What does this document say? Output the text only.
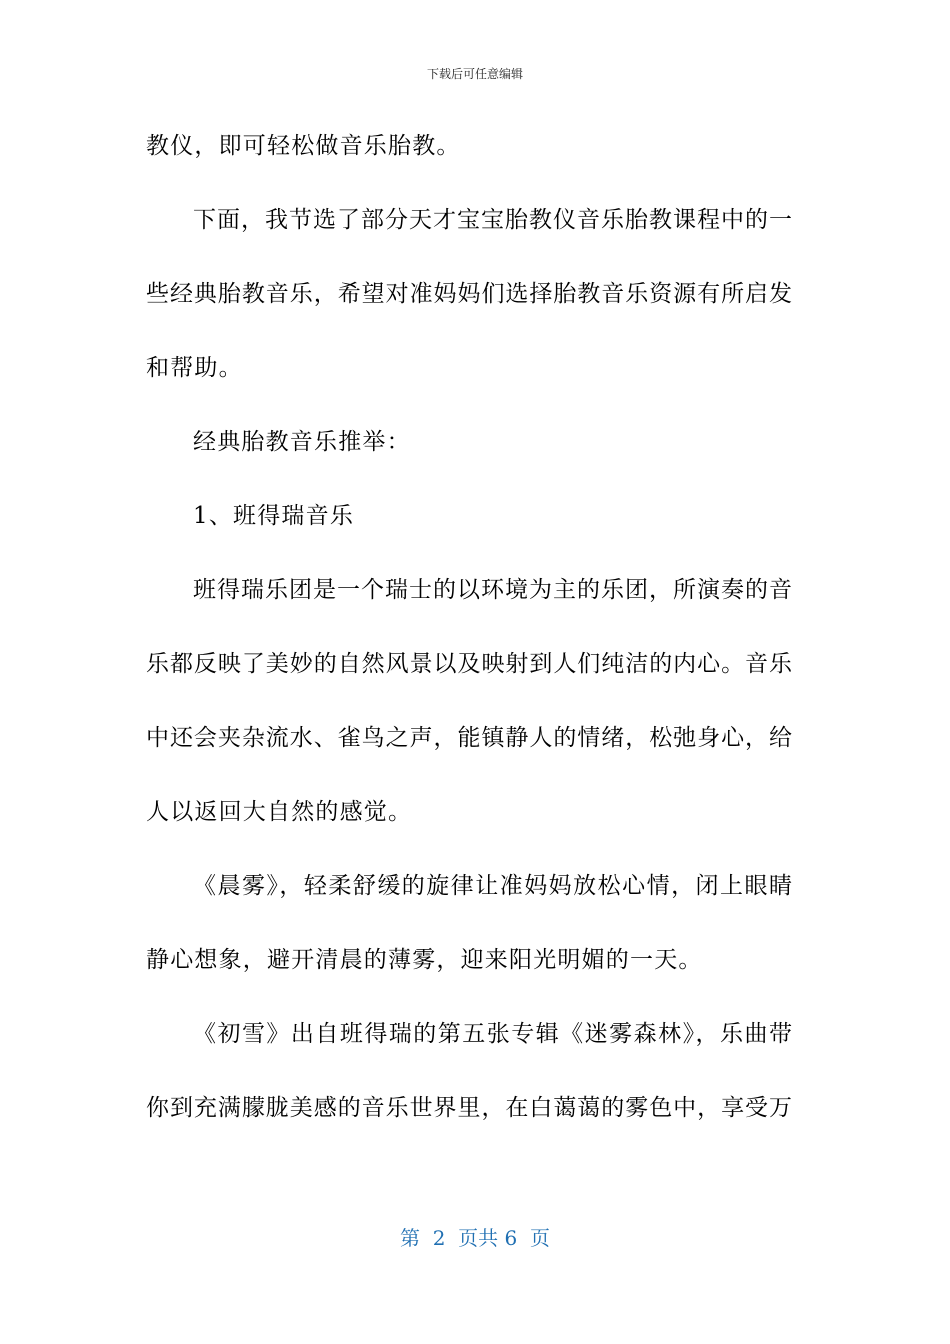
下载后可任意编辑
教仪，即可轻松做音乐胎教。
下面，我节选了部分天才宝宝胎教仪音乐胎教课程中的一
些经典胎教音乐，希望对准妈妈们选择胎教音乐资源有所启发
和帮助。
经典胎教音乐推举：
1、班得瑞音乐
班得瑞乐团是一个瑞士的以环境为主的乐团，所演奏的音
乐都反映了美妙的自然风景以及映射到人们纯洁的内心。音乐
中还会夹杂流水、雀鸟之声，能镇静人的情绪，松弛身心，给
人以返回大自然的感觉。
《晨雾》，轻柔舒缓的旋律让准妈妈放松心情，闭上眼睛
静心想象，避开清晨的薄雾，迎来阳光明媚的一天。
《初雪》出自班得瑞的第五张专辑《迷雾森林》，乐曲带
你到充满朦胧美感的音乐世界里，在白蔼蔼的雾色中，享受万
第  2  页共 6  页
